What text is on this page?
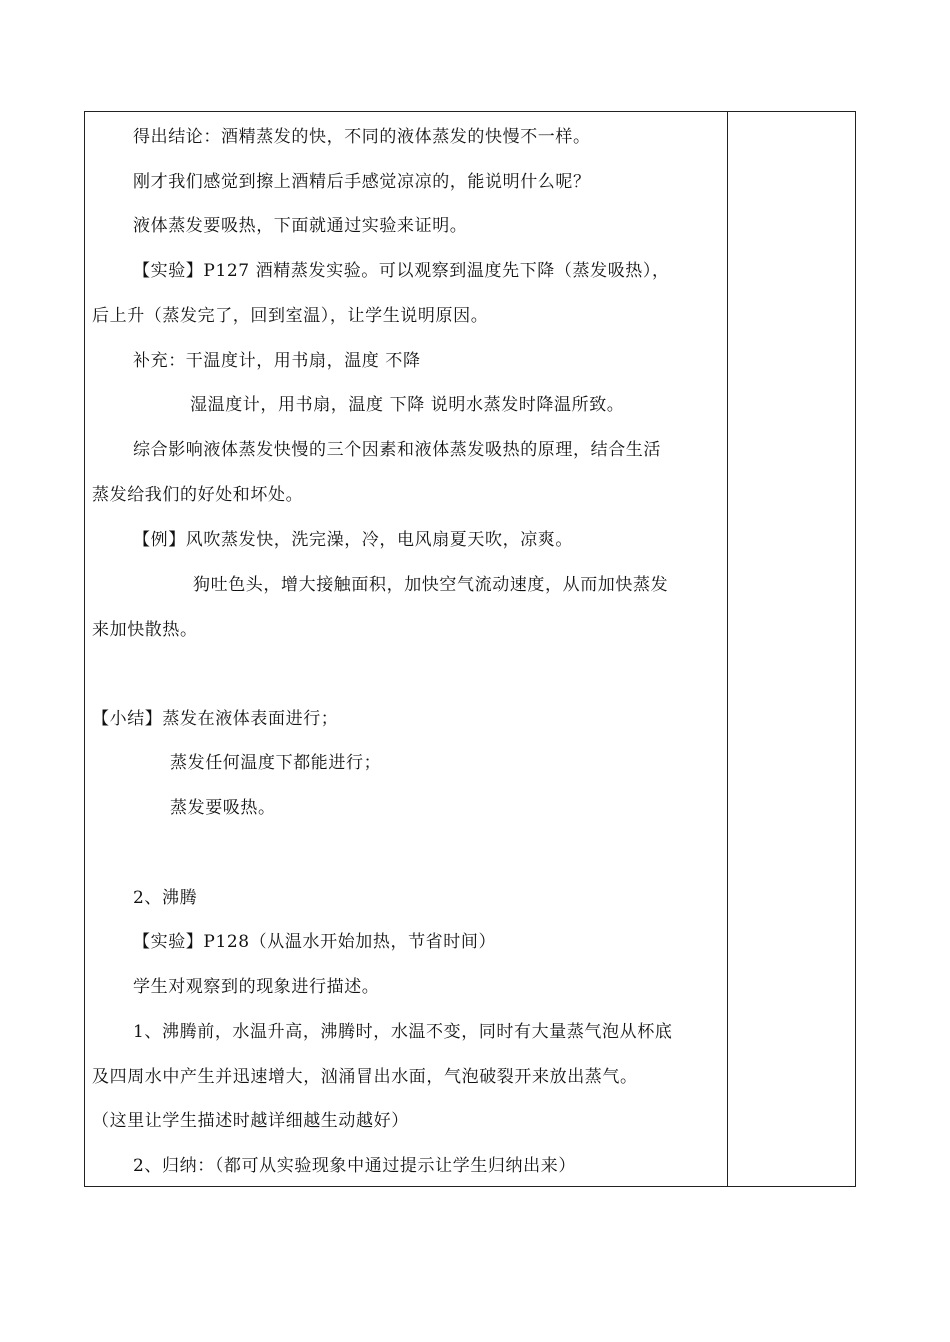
得出结论：酒精蒸发的快，不同的液体蒸发的快慢不一样。
刚才我们感觉到擦上酒精后手感觉凉凉的，能说明什么呢？
液体蒸发要吸热，下面就通过实验来证明。
【实验】P127 酒精蒸发实验。可以观察到温度先下降（蒸发吸热），
后上升（蒸发完了，回到室温），让学生说明原因。
补充：干温度计，用书扇，温度 不降
湿温度计，用书扇，温度 下降 说明水蒸发时降温所致。
综合影响液体蒸发快慢的三个因素和液体蒸发吸热的原理，结合生活
蒸发给我们的好处和坏处。
【例】风吹蒸发快，洗完澡，冷，电风扇夏天吹，凉爽。
狗吐色头，增大接触面积，加快空气流动速度，从而加快蒸发
来加快散热。
【小结】蒸发在液体表面进行；
蒸发任何温度下都能进行；
蒸发要吸热。
2、沸腾
【实验】P128（从温水开始加热，节省时间）
学生对观察到的现象进行描述。
1、沸腾前，水温升高，沸腾时，水温不变，同时有大量蒸气泡从杯底
及四周水中产生并迅速增大，汹涌冒出水面，气泡破裂开来放出蒸气。
（这里让学生描述时越详细越生动越好）
2、归纳：（都可从实验现象中通过提示让学生归纳出来）
